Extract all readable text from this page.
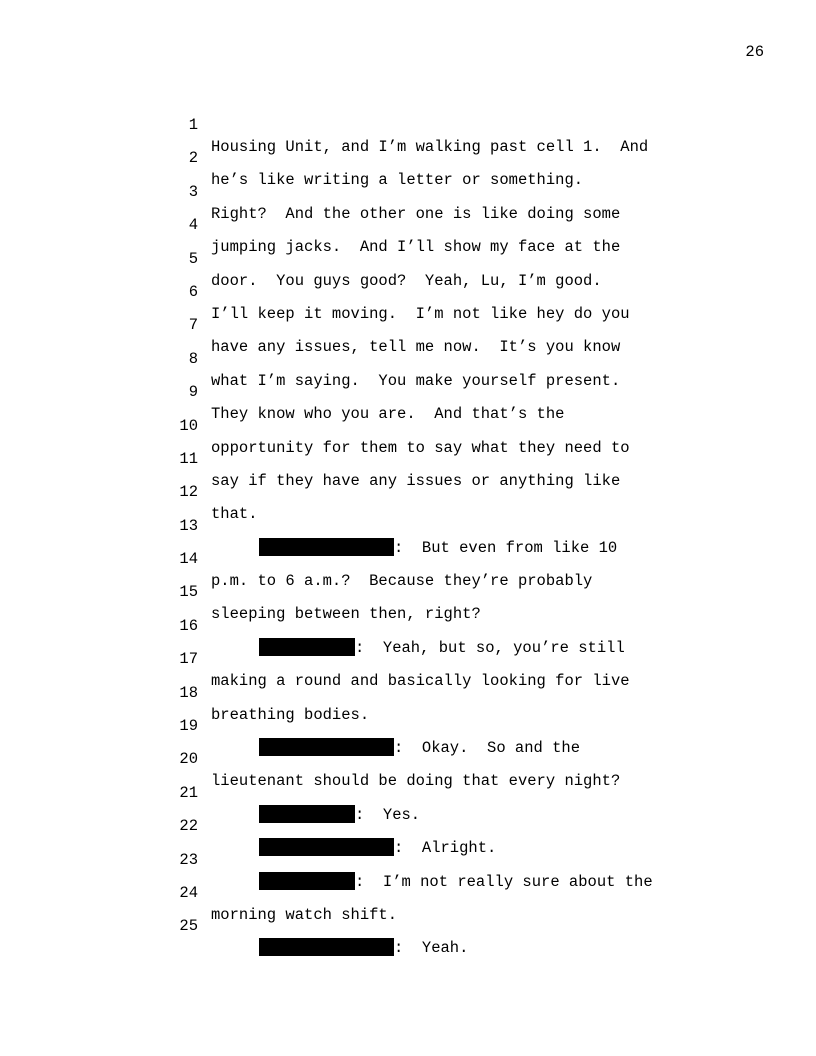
26

1

Housing Unit, and I’m walking past cell 1.  And

2

he’s like writing a letter or something.

3

Right?  And the other one is like doing some

4

jumping jacks.  And I’ll show my face at the

5

door.  You guys good?  Yeah, Lu, I’m good.

6

I’ll keep it moving.  I’m not like hey do you

7

have any issues, tell me now.  It’s you know

8

what I’m saying.  You make yourself present.

9

They know who you are.  And that’s the

10

opportunity for them to say what they need to

11

say if they have any issues or anything like

12

that.

13

:  But even from like 10

14

p.m. to 6 a.m.?  Because they’re probably

15

sleeping between then, right?

16

:  Yeah, but so, you’re still

17

making a round and basically looking for live

18

breathing bodies.

19

:  Okay.  So and the

20

lieutenant should be doing that every night?

21

:  Yes.

22

:  Alright.

23

:  I’m not really sure about the

24

morning watch shift.

25

:  Yeah.
